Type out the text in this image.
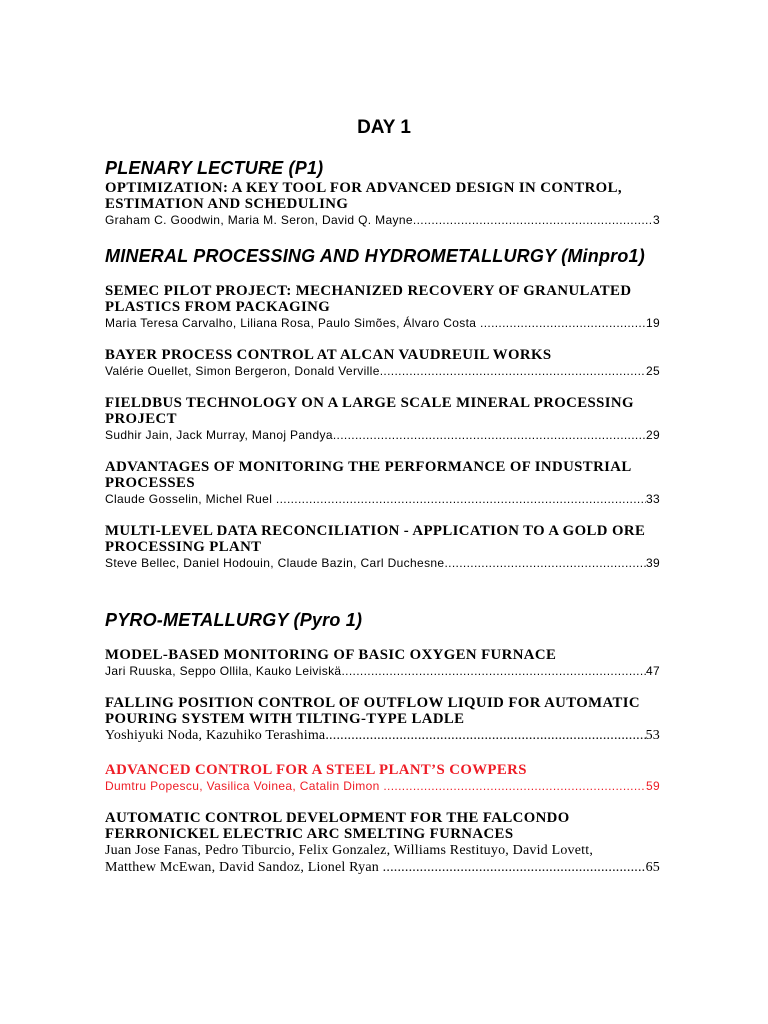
DAY 1
PLENARY LECTURE (P1)
OPTIMIZATION: A KEY TOOL FOR ADVANCED DESIGN IN CONTROL,
ESTIMATION AND SCHEDULING
Graham C. Goodwin, Maria M. Seron, David Q. Mayne .....	3
MINERAL PROCESSING AND HYDROMETALLURGY (Minpro1)
SEMEC PILOT PROJECT: MECHANIZED RECOVERY OF GRANULATED
PLASTICS FROM PACKAGING
Maria Teresa Carvalho, Liliana Rosa, Paulo Simões, Álvaro Costa .....	19
BAYER PROCESS CONTROL AT ALCAN VAUDREUIL WORKS
Valérie Ouellet, Simon Bergeron, Donald Verville .....	25
FIELDBUS TECHNOLOGY ON A LARGE SCALE MINERAL PROCESSING
PROJECT
Sudhir Jain, Jack Murray, Manoj Pandya .....	29
ADVANTAGES OF MONITORING THE PERFORMANCE OF INDUSTRIAL
PROCESSES
Claude Gosselin, Michel Ruel .....	33
MULTI-LEVEL DATA RECONCILIATION - APPLICATION TO A GOLD ORE
PROCESSING PLANT
Steve Bellec, Daniel Hodouin, Claude Bazin, Carl Duchesne .....	39
PYRO-METALLURGY (Pyro 1)
MODEL-BASED MONITORING OF BASIC OXYGEN FURNACE
Jari Ruuska, Seppo Ollila, Kauko Leiviskä .....	47
FALLING POSITION CONTROL OF OUTFLOW LIQUID FOR AUTOMATIC
POURING SYSTEM WITH TILTING-TYPE LADLE
Yoshiyuki Noda, Kazuhiko Terashima .....	53
ADVANCED CONTROL FOR A STEEL PLANT’S COWPERS
Dumtru Popescu, Vasilica Voinea, Catalin Dimon .....	59
AUTOMATIC CONTROL DEVELOPMENT FOR THE FALCONDO
FERRONICKEL ELECTRIC ARC SMELTING FURNACES
Juan Jose Fanas, Pedro Tiburcio, Felix Gonzalez, Williams Restituyo, David Lovett,
Matthew McEwan, David Sandoz, Lionel Ryan .....	65
